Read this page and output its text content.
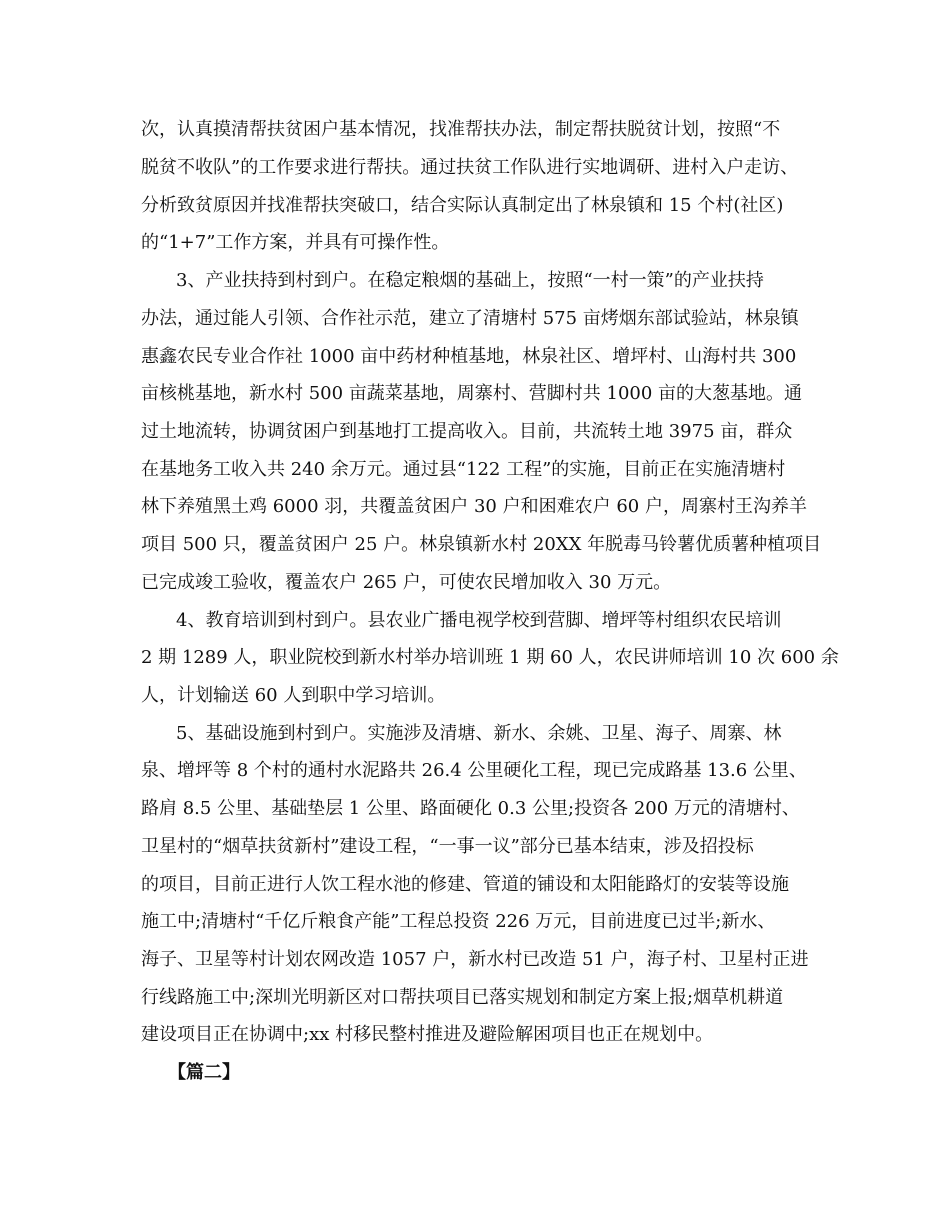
次，认真摸清帮扶贫困户基本情况，找准帮扶办法，制定帮扶脱贫计划，按照“不
脱贫不收队”的工作要求进行帮扶。通过扶贫工作队进行实地调研、进村入户走访、
分析致贫原因并找准帮扶突破口，结合实际认真制定出了林泉镇和 15 个村(社区)
的“1+7”工作方案，并具有可操作性。
3、产业扶持到村到户。在稳定粮烟的基础上，按照“一村一策”的产业扶持
办法，通过能人引领、合作社示范，建立了清塘村 575 亩烤烟东部试验站，林泉镇
惠鑫农民专业合作社 1000 亩中药材种植基地，林泉社区、增坪村、山海村共 300
亩核桃基地，新水村 500 亩蔬菜基地，周寨村、营脚村共 1000 亩的大葱基地。通
过土地流转，协调贫困户到基地打工提高收入。目前，共流转土地 3975 亩，群众
在基地务工收入共 240 余万元。通过县“122 工程”的实施，目前正在实施清塘村
林下养殖黑土鸡 6000 羽，共覆盖贫困户 30 户和困难农户 60 户，周寨村王沟养羊
项目 500 只，覆盖贫困户 25 户。林泉镇新水村 20XX 年脱毒马铃薯优质薯种植项目
已完成竣工验收，覆盖农户 265 户，可使农民增加收入 30 万元。
4、教育培训到村到户。县农业广播电视学校到营脚、增坪等村组织农民培训
2 期 1289 人，职业院校到新水村举办培训班 1 期 60 人，农民讲师培训 10 次 600 余
人，计划输送 60 人到职中学习培训。
5、基础设施到村到户。实施涉及清塘、新水、余姚、卫星、海子、周寨、林
泉、增坪等 8 个村的通村水泥路共 26.4 公里硬化工程，现已完成路基 13.6 公里、
路肩 8.5 公里、基础垫层 1 公里、路面硬化 0.3 公里;投资各 200 万元的清塘村、
卫星村的“烟草扶贫新村”建设工程，“一事一议”部分已基本结束，涉及招投标
的项目，目前正进行人饮工程水池的修建、管道的铺设和太阳能路灯的安装等设施
施工中;清塘村“千亿斤粮食产能”工程总投资 226 万元，目前进度已过半;新水、
海子、卫星等村计划农网改造 1057 户，新水村已改造 51 户，海子村、卫星村正进
行线路施工中;深圳光明新区对口帮扶项目已落实规划和制定方案上报;烟草机耕道
建设项目正在协调中;xx 村移民整村推进及避险解困项目也正在规划中。
【篇二】
